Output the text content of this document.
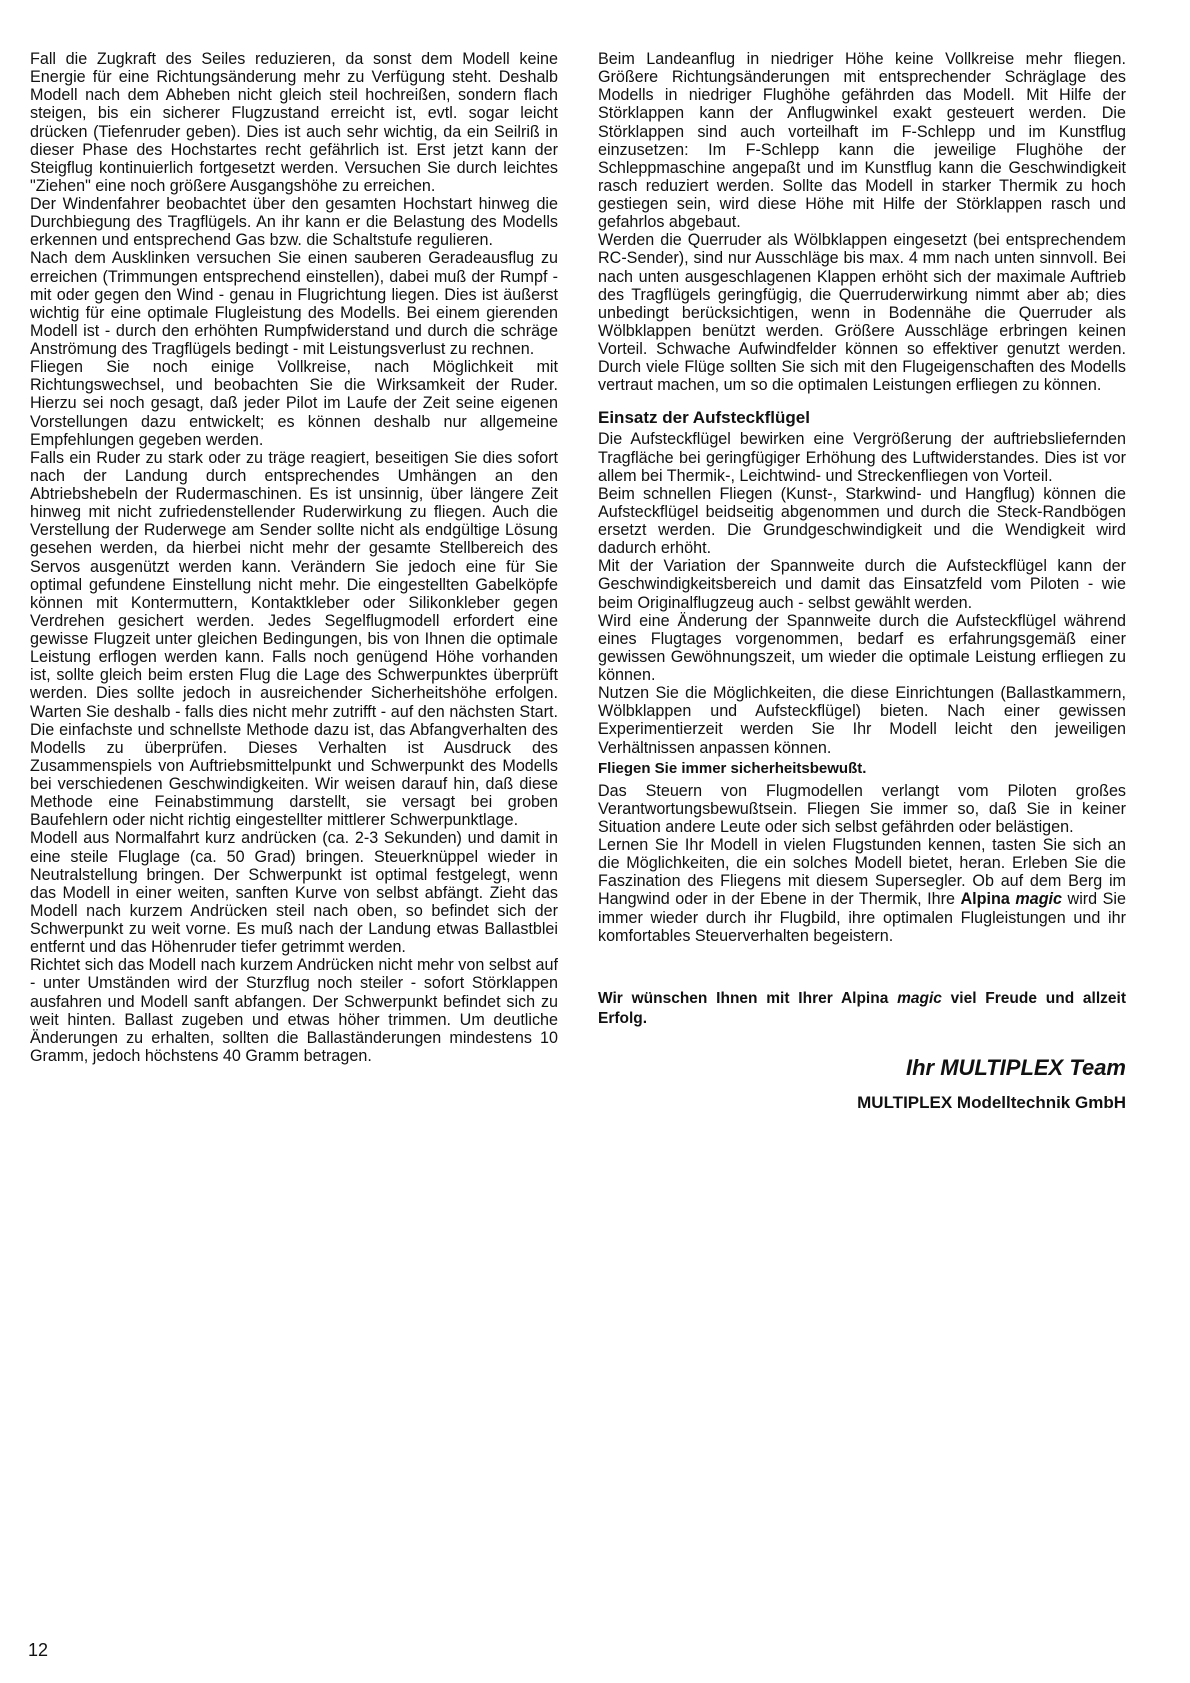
Fall die Zugkraft des Seiles reduzieren, da sonst dem Modell keine Energie für eine Richtungsänderung mehr zu Verfügung steht. Deshalb Modell nach dem Abheben nicht gleich steil hochreißen, sondern flach steigen, bis ein sicherer Flugzustand erreicht ist, evtl. sogar leicht drücken (Tiefenruder geben). Dies ist auch sehr wichtig, da ein Seilriß in dieser Phase des Hochstartes recht gefährlich ist. Erst jetzt kann der Steigflug kontinuierlich fortgesetzt werden. Versuchen Sie durch leichtes "Ziehen" eine noch größere Ausgangshöhe zu erreichen.

Der Windenfahrer beobachtet über den gesamten Hochstart hinweg die Durchbiegung des Tragflügels. An ihr kann er die Belastung des Modells erkennen und entsprechend Gas bzw. die Schaltstufe regulieren.

Nach dem Ausklinken versuchen Sie einen sauberen Geradeausflug zu erreichen (Trimmungen entsprechend einstellen), dabei muß der Rumpf - mit oder gegen den Wind - genau in Flugrichtung liegen. Dies ist äußerst wichtig für eine optimale Flugleistung des Modells. Bei einem gierenden Modell ist - durch den erhöhten Rumpfwiderstand und durch die schräge Anströmung des Tragflügels bedingt - mit Leistungsverlust zu rechnen.

Fliegen Sie noch einige Vollkreise, nach Möglichkeit mit Richtungswechsel, und beobachten Sie die Wirksamkeit der Ruder. Hierzu sei noch gesagt, daß jeder Pilot im Laufe der Zeit seine eigenen Vorstellungen dazu entwickelt; es können deshalb nur allgemeine Empfehlungen gegeben werden.

Falls ein Ruder zu stark oder zu träge reagiert, beseitigen Sie dies sofort nach der Landung durch entsprechendes Umhängen an den Abtriebshebeln der Rudermaschinen. Es ist unsinnig, über längere Zeit hinweg mit nicht zufriedenstellender Ruderwirkung zu fliegen. Auch die Verstellung der Ruderwege am Sender sollte nicht als endgültige Lösung gesehen werden, da hierbei nicht mehr der gesamte Stellbereich des Servos ausgenützt werden kann. Verändern Sie jedoch eine für Sie optimal gefundene Einstellung nicht mehr. Die eingestellten Gabelköpfe können mit Kontermuttern, Kontaktkleber oder Silikonkleber gegen Verdrehen gesichert werden. Jedes Segelflugmodell erfordert eine gewisse Flugzeit unter gleichen Bedingungen, bis von Ihnen die optimale Leistung erflogen werden kann. Falls noch genügend Höhe vorhanden ist, sollte gleich beim ersten Flug die Lage des Schwerpunktes überprüft werden. Dies sollte jedoch in ausreichender Sicherheitshöhe erfolgen. Warten Sie deshalb - falls dies nicht mehr zutrifft - auf den nächsten Start. Die einfachste und schnellste Methode dazu ist, das Abfangverhalten des Modells zu überprüfen. Dieses Verhalten ist Ausdruck des Zusammenspiels von Auftriebsmittelpunkt und Schwerpunkt des Modells bei verschiedenen Geschwindigkeiten. Wir weisen darauf hin, daß diese Methode eine Feinabstimmung darstellt, sie versagt bei groben Baufehlern oder nicht richtig eingestellter mittlerer Schwerpunktlage.

Modell aus Normalfahrt kurz andrücken (ca. 2-3 Sekunden) und damit in eine steile Fluglage (ca. 50 Grad) bringen. Steuerknüppel wieder in Neutralstellung bringen. Der Schwerpunkt ist optimal festgelegt, wenn das Modell in einer weiten, sanften Kurve von selbst abfängt. Zieht das Modell nach kurzem Andrücken steil nach oben, so befindet sich der Schwerpunkt zu weit vorne. Es muß nach der Landung etwas Ballastblei entfernt und das Höhenruder tiefer getrimmt werden.

Richtet sich das Modell nach kurzem Andrücken nicht mehr von selbst auf - unter Umständen wird der Sturzflug noch steiler - sofort Störklappen ausfahren und Modell sanft abfangen. Der Schwerpunkt befindet sich zu weit hinten. Ballast zugeben und etwas höher trimmen. Um deutliche Änderungen zu erhalten, sollten die Ballaständerungen mindestens 10 Gramm, jedoch höchstens 40 Gramm betragen.

Beim Landeanflug in niedriger Höhe keine Vollkreise mehr fliegen. Größere Richtungsänderungen mit entsprechender Schräglage des Modells in niedriger Flughöhe gefährden das Modell. Mit Hilfe der Störklappen kann der Anflugwinkel exakt gesteuert werden. Die Störklappen sind auch vorteilhaft im F-Schlepp und im Kunstflug einzusetzen: Im F-Schlepp kann die jeweilige Flughöhe der Schleppmaschine angepaßt und im Kunstflug kann die Geschwindigkeit rasch reduziert werden. Sollte das Modell in starker Thermik zu hoch gestiegen sein, wird diese Höhe mit Hilfe der Störklappen rasch und gefahrlos abgebaut.

Werden die Querruder als Wölbklappen eingesetzt (bei entsprechendem RC-Sender), sind nur Ausschläge bis max. 4 mm nach unten sinnvoll. Bei nach unten ausgeschlagenen Klappen erhöht sich der maximale Auftrieb des Tragflügels geringfügig, die Querruderwirkung nimmt aber ab; dies unbedingt berücksichtigen, wenn in Bodennähe die Querruder als Wölbklappen benützt werden. Größere Ausschläge erbringen keinen Vorteil. Schwache Aufwindfelder können so effektiver genutzt werden. Durch viele Flüge sollten Sie sich mit den Flugeigenschaften des Modells vertraut machen, um so die optimalen Leistungen erfliegen zu können.

Einsatz der Aufsteckflügel

Die Aufsteckflügel bewirken eine Vergrößerung der auftriebsliefernden Tragfläche bei geringfügiger Erhöhung des Luftwiderstandes. Dies ist vor allem bei Thermik-, Leichtwind- und Streckenfliegen von Vorteil.

Beim schnellen Fliegen (Kunst-, Starkwind- und Hangflug) können die Aufsteckflügel beidseitig abgenommen und durch die Steck-Randbögen ersetzt werden. Die Grundgeschwindigkeit und die Wendigkeit wird dadurch erhöht.

Mit der Variation der Spannweite durch die Aufsteckflügel kann der Geschwindigkeitsbereich und damit das Einsatzfeld vom Piloten - wie beim Originalflugzeug auch - selbst gewählt werden.

Wird eine Änderung der Spannweite durch die Aufsteckflügel während eines Flugtages vorgenommen, bedarf es erfahrungsgemäß einer gewissen Gewöhnungszeit, um wieder die optimale Leistung erfliegen zu können.

Nutzen Sie die Möglichkeiten, die diese Einrichtungen (Ballastkammern, Wölbklappen und Aufsteckflügel) bieten. Nach einer gewissen Experimentierzeit werden Sie Ihr Modell leicht den jeweiligen Verhältnissen anpassen können.

Fliegen Sie immer sicherheitsbewußt.

Das Steuern von Flugmodellen verlangt vom Piloten großes Verantwortungsbewußtsein. Fliegen Sie immer so, daß Sie in keiner Situation andere Leute oder sich selbst gefährden oder belästigen.

Lernen Sie Ihr Modell in vielen Flugstunden kennen, tasten Sie sich an die Möglichkeiten, die ein solches Modell bietet, heran. Erleben Sie die Faszination des Fliegens mit diesem Supersegler. Ob auf dem Berg im Hangwind oder in der Ebene in der Thermik, Ihre Alpina magic wird Sie immer wieder durch ihr Flugbild, ihre optimalen Flugleistungen und ihr komfortables Steuerverhalten begeistern.

Wir wünschen Ihnen mit Ihrer Alpina magic viel Freude und allzeit Erfolg.

Ihr MULTIPLEX Team
MULTIPLEX Modelltechnik GmbH
12
